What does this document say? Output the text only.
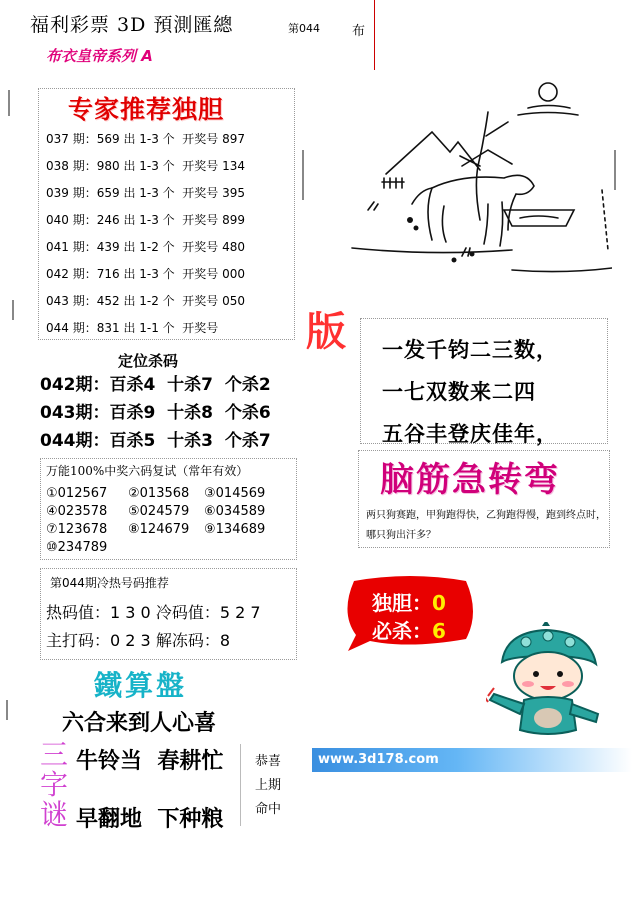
福利彩票 3D 預測匯總	第044 布
布衣皇帝系列 A
专家推荐独胆
037 期：569 出 1-3 个  开奖号 897
038 期：980 出 1-3 个  开奖号 134
039 期：659 出 1-3 个  开奖号 395
040 期：246 出 1-3 个  开奖号 899
041 期：439 出 1-2 个  开奖号 480
042 期：716 出 1-3 个  开奖号 000
043 期：452 出 1-2 个  开奖号 050
044 期：831 出 1-1 个  开奖号
定位杀码
042期：百杀4  十杀7  个杀2
043期：百杀9  十杀8  个杀6
044期：百杀5  十杀3  个杀7
万能100%中奖六码复试（常年有效）
①012567 ②013568 ③014569
④023578 ⑤024579 ⑥034589
⑦123678 ⑧124679 ⑨134689
⑩234789
第044期冷热号码推荐
热码值：1 3 0 冷码值：5 2 7
主打码：0 2 3 解冻码：8
鐵算盤
六合来到人心喜
三
字
谜
牛铃当  春耕忙
早翻地  下种粮
恭喜
上期
命中
版 一发千钧二三数，
一七双数来二四
五谷丰登庆佳年，
脑筋急转弯
两只狗赛跑，甲狗跑得快，乙狗跑得慢，跑到终点时，哪只狗出汗多？
独胆：0
必杀：6
www.3d178.com
